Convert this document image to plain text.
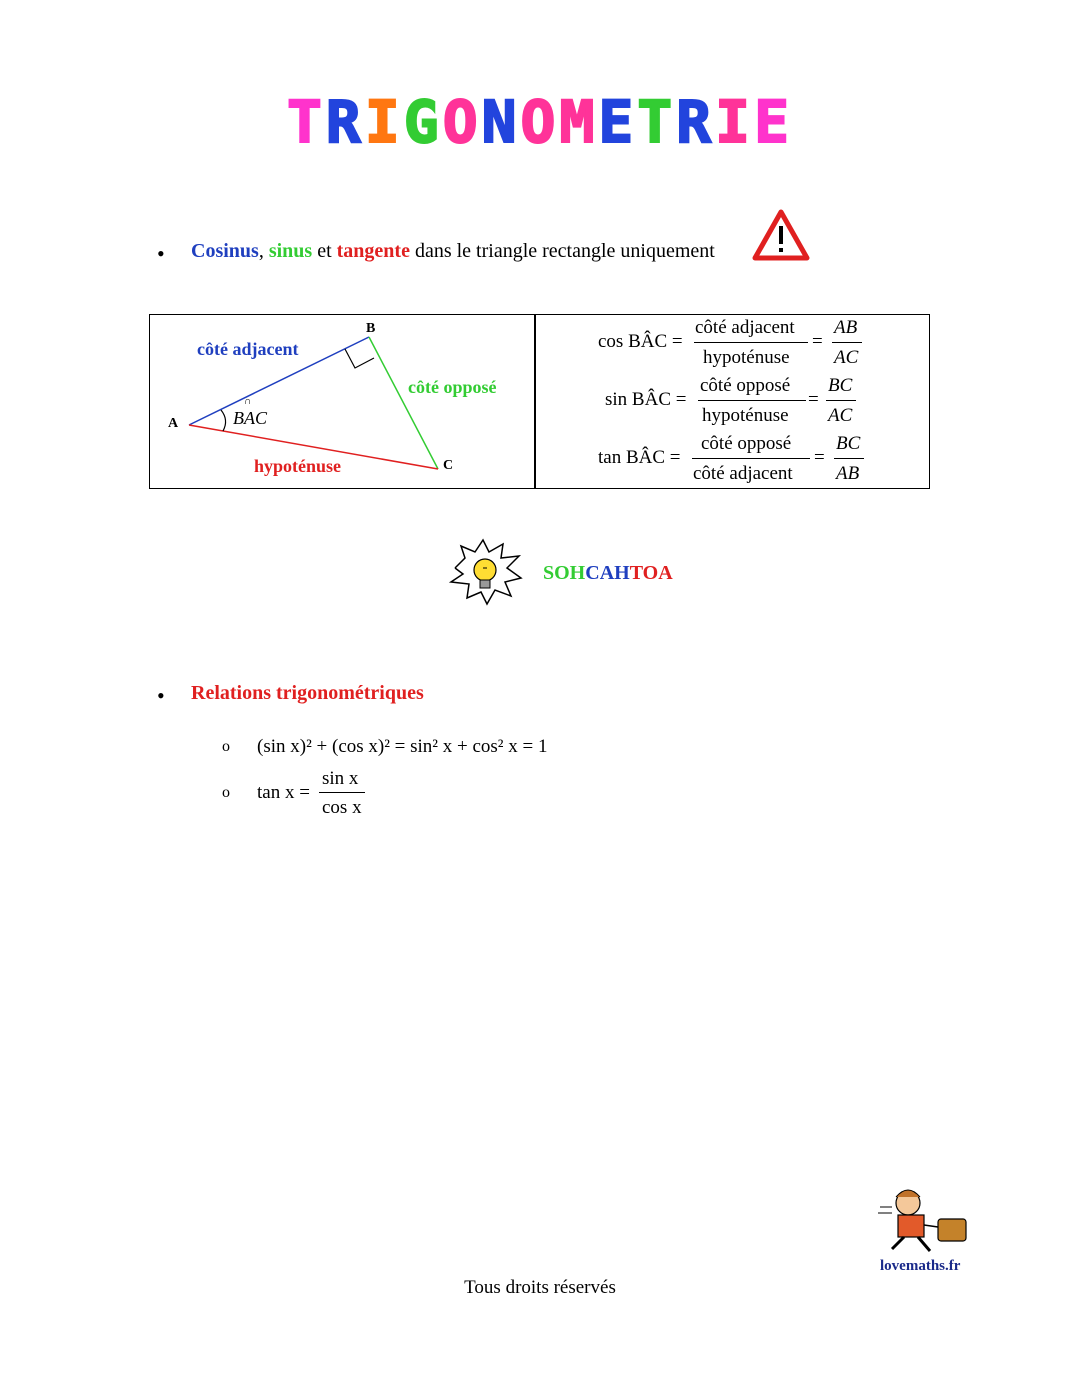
TRIGONOMETRIE
• Cosinus, sinus et tangente dans le triangle rectangle uniquement
A
B
C
côté adjacent
côté opposé
hypoténuse
BAC
∩
cos BÂC =
côté adjacent
hypoténuse
=
AB
AC
sin BÂC =
côté opposé
hypoténuse
=
BC
AC
tan BÂC =
côté opposé
côté adjacent
=
BC
AB
SOHCAHTOA
• Relations trigonométriques
o (sin x)² + (cos x)² = sin² x + cos² x = 1
o tan x =
sin x
cos x
Tous droits réservés
lovemaths.fr
